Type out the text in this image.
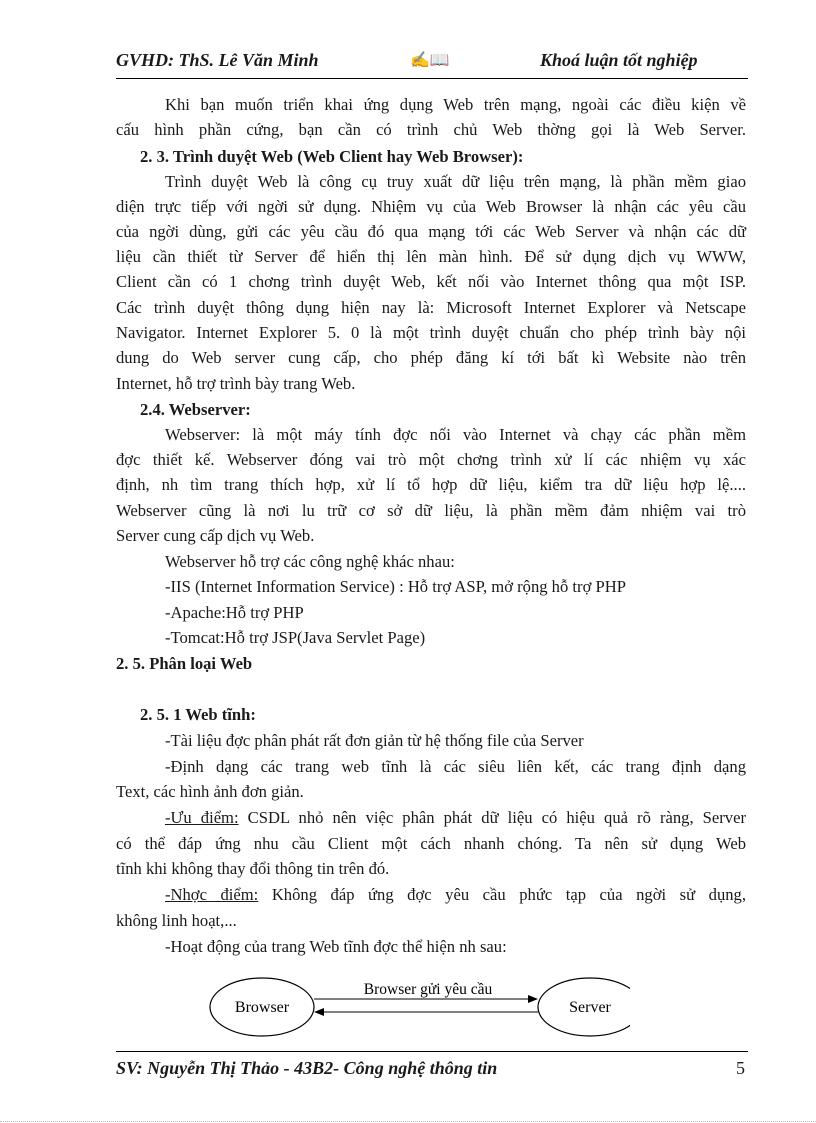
GVHD: ThS. Lê Văn Minh	✍📖	Khoá luận tốt nghiệp
Khi bạn muốn triển khai ứng dụng Web trên mạng, ngoài các điều kiện về
cấu hình phần cứng, bạn cần có trình chủ Web thờng gọi là Web Server.
2. 3. Trình duyệt Web (Web Client hay Web Browser):
Trình duyệt Web là công cụ truy xuất dữ liệu trên mạng, là phần mềm giao
diện trực tiếp với ngời sử dụng. Nhiệm vụ của Web Browser là nhận các yêu cầu
của ngời dùng, gửi các yêu cầu đó qua mạng tới các Web Server và nhận các dữ
liệu cần thiết từ Server để hiển thị lên màn hình. Để sử dụng dịch vụ WWW,
Client cần có 1 chơng trình duyệt Web, kết nối vào Internet thông qua một ISP.
Các trình duyệt thông dụng hiện nay là: Microsoft Internet Explorer và Netscape
Navigator. Internet Explorer 5. 0 là một trình duyệt chuẩn cho phép trình bày nội
dung do Web server cung cấp, cho phép đăng kí tới bất kì Website nào trên
Internet, hỗ trợ trình bày trang Web.
2.4. Webserver:
Webserver: là một máy tính đợc nối vào Internet và chạy các phần mềm
đợc thiết kế. Webserver đóng vai trò một chơng trình xử lí các nhiệm vụ xác
định, nh tìm trang thích hợp, xử lí tổ hợp dữ liệu, kiểm tra dữ liệu hợp lệ....
Webserver cũng là nơi lu trữ cơ sở dữ liệu, là phần mềm đảm nhiệm vai trò
Server cung cấp dịch vụ Web.
Webserver hỗ trợ các công nghệ khác nhau:
-IIS (Internet Information Service) : Hỗ trợ ASP, mở rộng hỗ trợ PHP
-Apache:Hỗ trợ PHP
-Tomcat:Hỗ trợ JSP(Java Servlet Page)
2. 5. Phân loại Web
2. 5. 1 Web tĩnh:
-Tài liệu đợc phân phát rất đơn giản từ hệ thống file của Server
-Định dạng các trang web tĩnh là các siêu liên kết, các trang định dạng
Text, các hình ảnh đơn giản.
-Ưu điểm: CSDL nhỏ nên việc phân phát dữ liệu có hiệu quả rõ ràng, Server
có thể đáp ứng nhu cầu Client một cách nhanh chóng. Ta nên sử dụng Web
tĩnh khi không thay đổi thông tin trên đó.
-Nhợc điểm: Không đáp ứng đợc yêu cầu phức tạp của ngời sử dụng,
không linh hoạt,...
-Hoạt động của trang Web tĩnh đợc thể hiện nh sau:
Browser	Server
Browser gửi yêu cầu
SV: Nguyễn Thị Thảo - 43B2- Công nghệ thông tin	5
